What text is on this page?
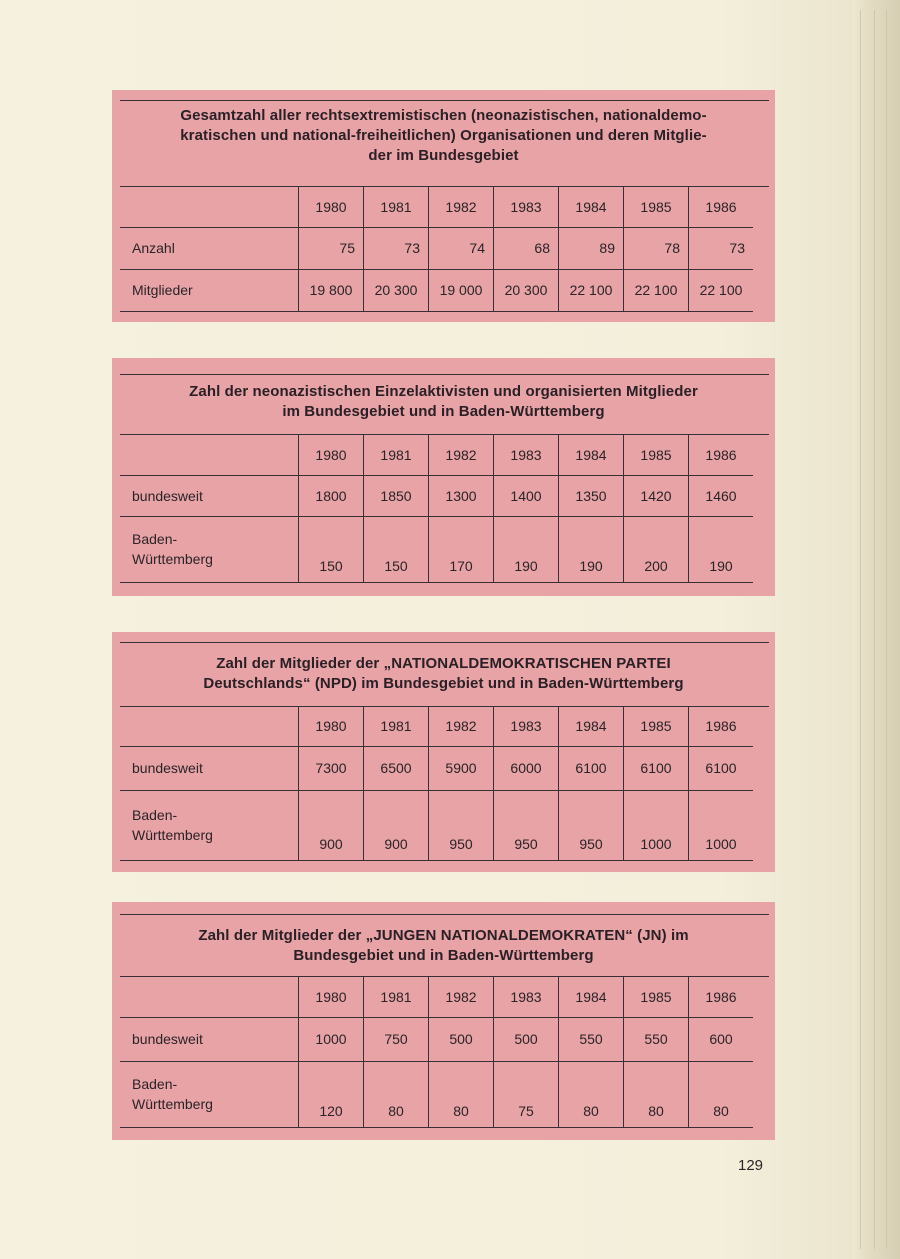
Gesamtzahl aller rechtsextremistischen (neonazistischen, nationaldemo-
kratischen und national-freiheitlichen) Organisationen und deren Mitglie-
der im Bundesgebiet
	1980	1981	1982	1983	1984	1985	1986
Anzahl	75	73	74	68	89	78	73
Mitglieder	19 800	20 300	19 000	20 300	22 100	22 100	22 100
Zahl der neonazistischen Einzelaktivisten und organisierten Mitglieder
im Bundesgebiet und in Baden-Württemberg
	1980	1981	1982	1983	1984	1985	1986
bundesweit	1800	1850	1300	1400	1350	1420	1460

Baden-
Württemberg	150	150	170	190	190	200	190
Zahl der Mitglieder der „NATIONALDEMOKRATISCHEN PARTEI
Deutschlands“ (NPD) im Bundesgebiet und in Baden-Württemberg
	1980	1981	1982	1983	1984	1985	1986
bundesweit	7300	6500	5900	6000	6100	6100	6100

Baden-
Württemberg	900	900	950	950	950	1000	1000
Zahl der Mitglieder der „JUNGEN NATIONALDEMOKRATEN“ (JN) im
Bundesgebiet und in Baden-Württemberg
	1980	1981	1982	1983	1984	1985	1986
bundesweit	1000	750	500	500	550	550	600

Baden-
Württemberg	120	80	80	75	80	80	80
129
